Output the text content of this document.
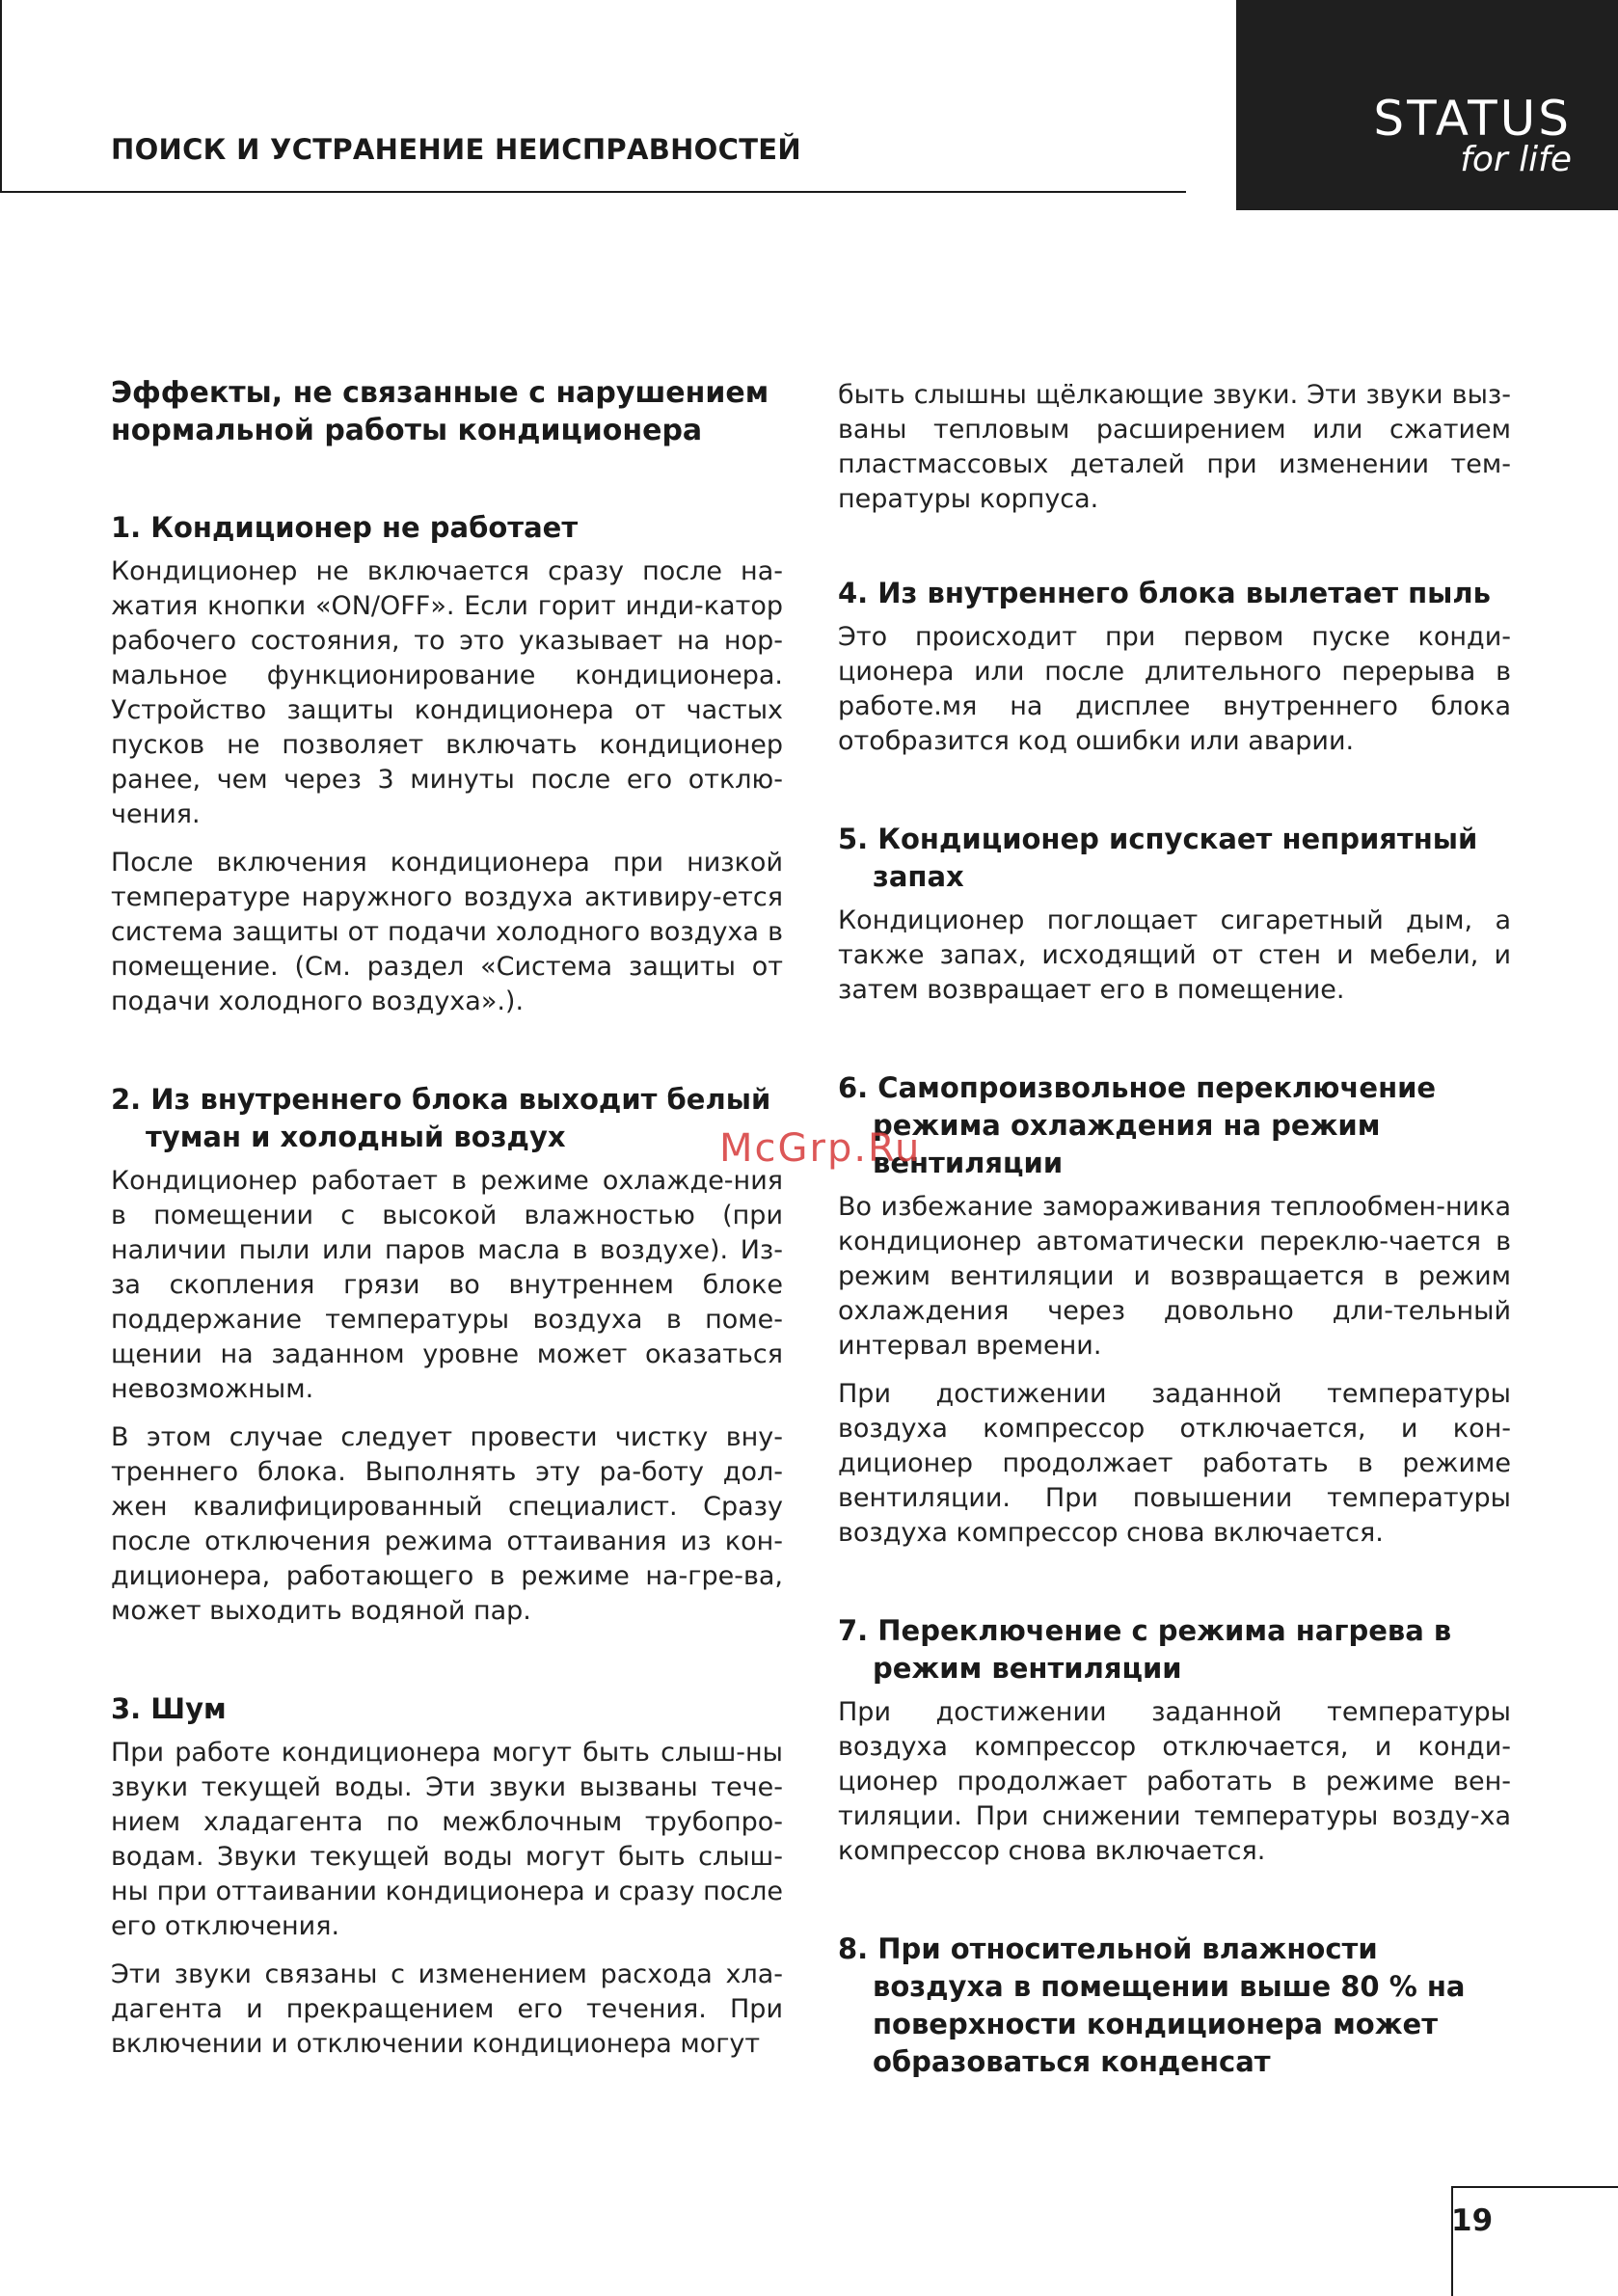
ПОИСК И УСТРАНЕНИЕ НЕИСПРАВНОСТЕЙ
STATUS
for life
Эффекты, не связанные с нарушением нормальной работы кондиционера
1. Кондиционер не работает

Кондиционер не включается сразу после на-жатия кнопки «ON/OFF». Если горит инди-катор рабочего состояния, то это указывает на нор-мальное функционирование кондиционера. Устройство защиты кондиционера от частых пусков не позволяет включать кондиционер ранее, чем через 3 минуты после его отклю-чения.

После включения кондиционера при низкой температуре наружного воздуха активиру-ется система защиты от подачи холодного воздуха в помещение. (См. раздел «Система защиты от подачи холодного воздуха».).

2. Из внутреннего блока выходит белый туман и холодный воздух

Кондиционер работает в режиме охлажде-ния в помещении с высокой влажностью (при наличии пыли или паров масла в воздухе). Из-за скопления грязи во внутреннем блоке поддержание температуры воздуха в поме-щении на заданном уровне может оказаться невозможным.

В этом случае следует провести чистку вну-треннего блока. Выполнять эту ра-боту дол-жен квалифицированный специалист. Сразу после отключения режима оттаивания из кон-диционера, работающего в режиме на-гре-ва, может выходить водяной пар.

3. Шум

При работе кондиционера могут быть слыш-ны звуки текущей воды. Эти звуки вызваны тече-нием хладагента по межблочным трубопро-водам. Звуки текущей воды могут быть слыш-ны при оттаивании кондиционера и сразу после его отключения.

Эти звуки связаны с изменением расхода хла-дагента и прекращением его течения. При включении и отключении кондиционера могут

быть слышны щёлкающие звуки. Эти звуки выз-ваны тепловым расширением или сжатием пластмассовых деталей при изменении тем-пературы корпуса.

4. Из внутреннего блока вылетает пыль

Это происходит при первом пуске конди-ционера или после длительного перерыва в работе.мя на дисплее внутреннего блока отобразится код ошибки или аварии.

5. Кондиционер испускает неприятный запах

Кондиционер поглощает сигаретный дым, а также запах, исходящий от стен и мебели, и затем возвращает его в помещение.

6. Самопроизвольное переключение режима охлаждения на режим вентиляции

Во избежание замораживания теплообмен-ника кондиционер автоматически переклю-чается в режим вентиляции и возвращается в режим охлаждения через довольно дли-тельный интервал времени.

При достижении заданной температуры воздуха компрессор отключается, и кон-диционер продолжает работать в режиме вентиляции. При повышении температуры воздуха компрессор снова включается.

7. Переключение с режима нагрева в режим вентиляции

При достижении заданной температуры воздуха компрессор отключается, и конди-ционер продолжает работать в режиме вен-тиляции. При снижении температуры возду-ха компрессор снова включается.

8. При относительной влажности воздуха в помещении выше 80 % на поверхности кондиционера может образоваться конденсат
McGrp.Ru
19
